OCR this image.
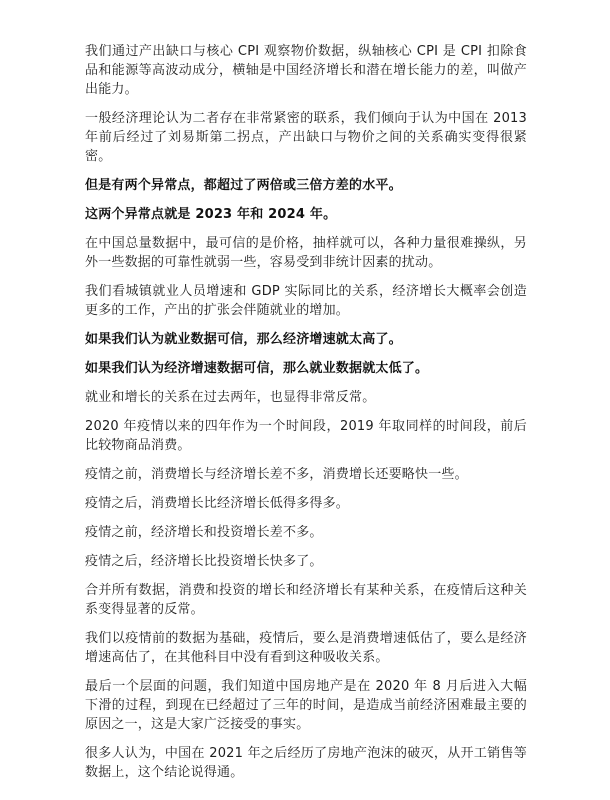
我们通过产出缺口与核心 CPI 观察物价数据，纵轴核心 CPI 是 CPI 扣除食品和能源等高波动成分，横轴是中国经济增长和潜在增长能力的差，叫做产出能力。

一般经济理论认为二者存在非常紧密的联系，我们倾向于认为中国在 2013 年前后经过了刘易斯第二拐点，产出缺口与物价之间的关系确实变得很紧密。

但是有两个异常点，都超过了两倍或三倍方差的水平。

这两个异常点就是 2023 年和 2024 年。

在中国总量数据中，最可信的是价格，抽样就可以，各种力量很难操纵，另外一些数据的可靠性就弱一些，容易受到非统计因素的扰动。

我们看城镇就业人员增速和 GDP 实际同比的关系，经济增长大概率会创造更多的工作，产出的扩张会伴随就业的增加。

如果我们认为就业数据可信，那么经济增速就太高了。

如果我们认为经济增速数据可信，那么就业数据就太低了。

就业和增长的关系在过去两年，也显得非常反常。

2020 年疫情以来的四年作为一个时间段，2019 年取同样的时间段，前后比较物商品消费。

疫情之前，消费增长与经济增长差不多，消费增长还要略快一些。

疫情之后，消费增长比经济增长低得多得多。

疫情之前，经济增长和投资增长差不多。

疫情之后，经济增长比投资增长快多了。

合并所有数据，消费和投资的增长和经济增长有某种关系，在疫情后这种关系变得显著的反常。

我们以疫情前的数据为基础，疫情后，要么是消费增速低估了，要么是经济增速高估了，在其他科目中没有看到这种吸收关系。

最后一个层面的问题，我们知道中国房地产是在 2020 年 8 月后进入大幅下滑的过程，到现在已经超过了三年的时间，是造成当前经济困难最主要的原因之一，这是大家广泛接受的事实。

很多人认为，中国在 2021 年之后经历了房地产泡沫的破灭，从开工销售等数据上，这个结论说得通。
